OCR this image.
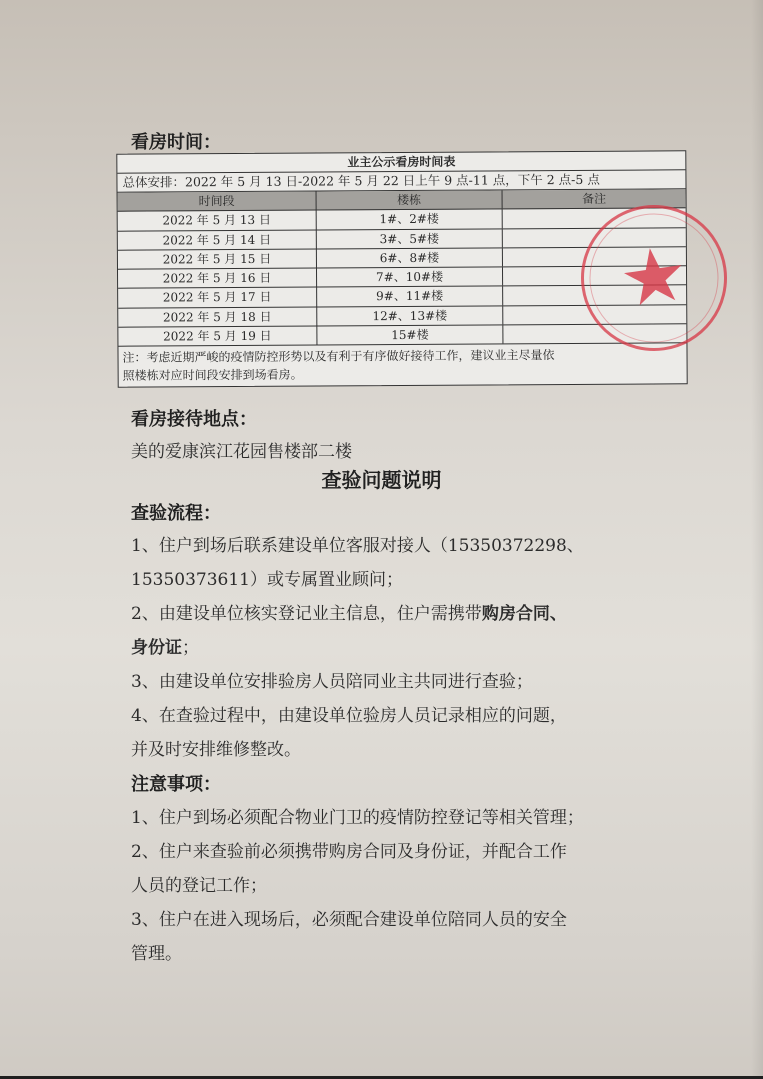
看房时间：
业主公示看房时间表
总体安排：2022 年 5 月 13 日-2022 年 5 月 22 日上午 9 点-11 点，下午 2 点-5 点
时间段	楼栋	备注
2022 年 5 月 13 日	1#、2#楼
2022 年 5 月 14 日	3#、5#楼
2022 年 5 月 15 日	6#、8#楼
2022 年 5 月 16 日	7#、10#楼
2022 年 5 月 17 日	9#、11#楼
2022 年 5 月 18 日	12#、13#楼
2022 年 5 月 19 日	15#楼
注：考虑近期严峻的疫情防控形势以及有利于有序做好接待工作，建议业主尽量依
照楼栋对应时间段安排到场看房。
看房接待地点：
美的爱康滨江花园售楼部二楼
查验问题说明
查验流程：
1、住户到场后联系建设单位客服对接人（15350372298、
15350373611）或专属置业顾问；
2、由建设单位核实登记业主信息，住户需携带购房合同、
身份证；
3、由建设单位安排验房人员陪同业主共同进行查验；
4、在查验过程中，由建设单位验房人员记录相应的问题，
并及时安排维修整改。
注意事项：
1、住户到场必须配合物业门卫的疫情防控登记等相关管理；
2、住户来查验前必须携带购房合同及身份证，并配合工作
人员的登记工作；
3、住户在进入现场后，必须配合建设单位陪同人员的安全
管理。
